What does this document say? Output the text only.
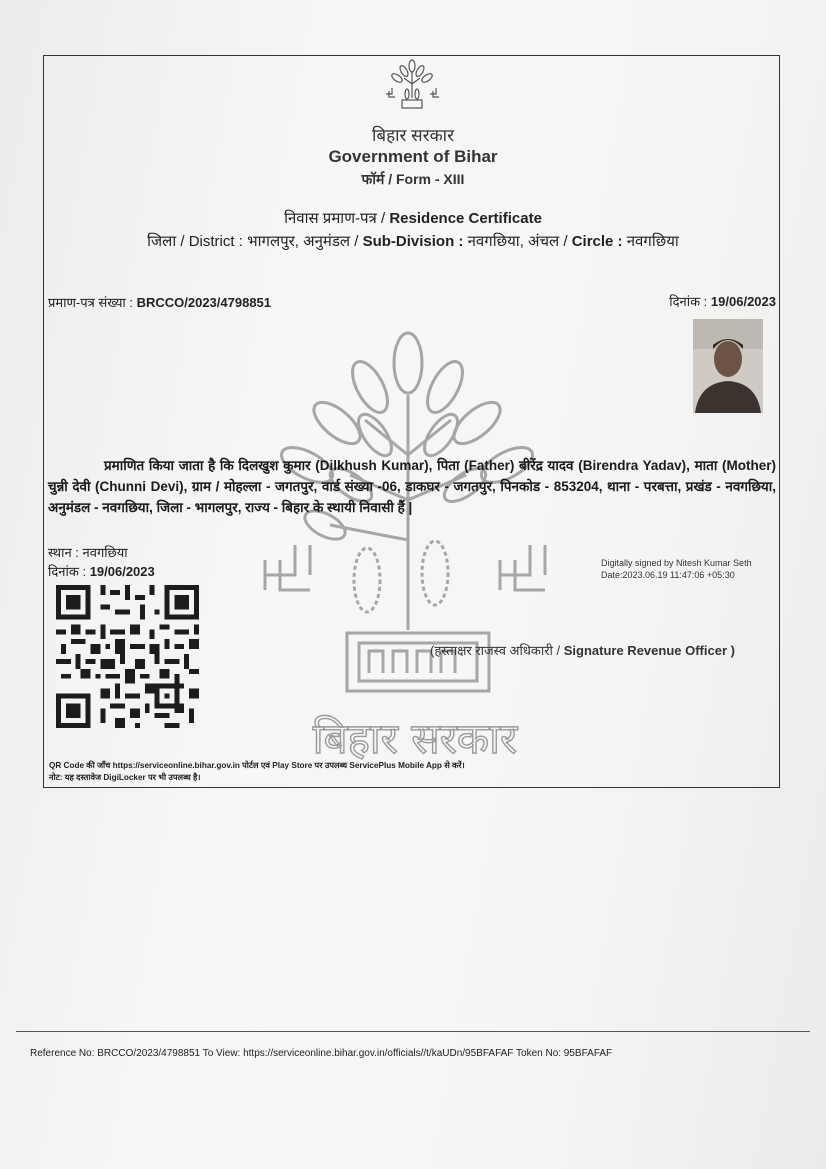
बिहार सरकार
Government of Bihar
फॉर्म / Form - XIII
निवास प्रमाण-पत्र / Residence Certificate
जिला / District : भागलपुर, अनुमंडल / Sub-Division : नवगछिया, अंचल / Circle : नवगछिया
प्रमाण-पत्र संख्या : BRCCO/2023/4798851	दिनांक : 19/06/2023
बिहार सरकार
प्रमाणित किया जाता है कि दिलखुश कुमार (Dilkhush Kumar), पिता (Father) बीरेंद्र यादव (Birendra Yadav), माता (Mother) चुन्नी देवी (Chunni Devi), ग्राम / मोहल्ला - जगतपुर, वार्ड संख्या -06, डाकघर - जगतपुर, पिनकोड - 853204, थाना - परबत्ता, प्रखंड - नवगछिया, अनुमंडल - नवगछिया, जिला - भागलपुर, राज्य - बिहार के स्थायी निवासी हैं |
स्थान : नवगछिया
दिनांक : 19/06/2023
Digitally signed by Nitesh Kumar Seth
Date:2023.06.19 11:47:06 +05:30
(हस्ताक्षर राजस्व अधिकारी / Signature Revenue Officer )
QR Code की जाँच https://serviceonline.bihar.gov.in पोर्टल एवं Play Store पर उपलब्ध ServicePlus Mobile App से करें।
नोट: यह दस्तावेज DigiLocker पर भी उपलब्ध है।
Reference No: BRCCO/2023/4798851 To View: https://serviceonline.bihar.gov.in/officials//t/kaUDn/95BFAFAF Token No: 95BFAFAF
